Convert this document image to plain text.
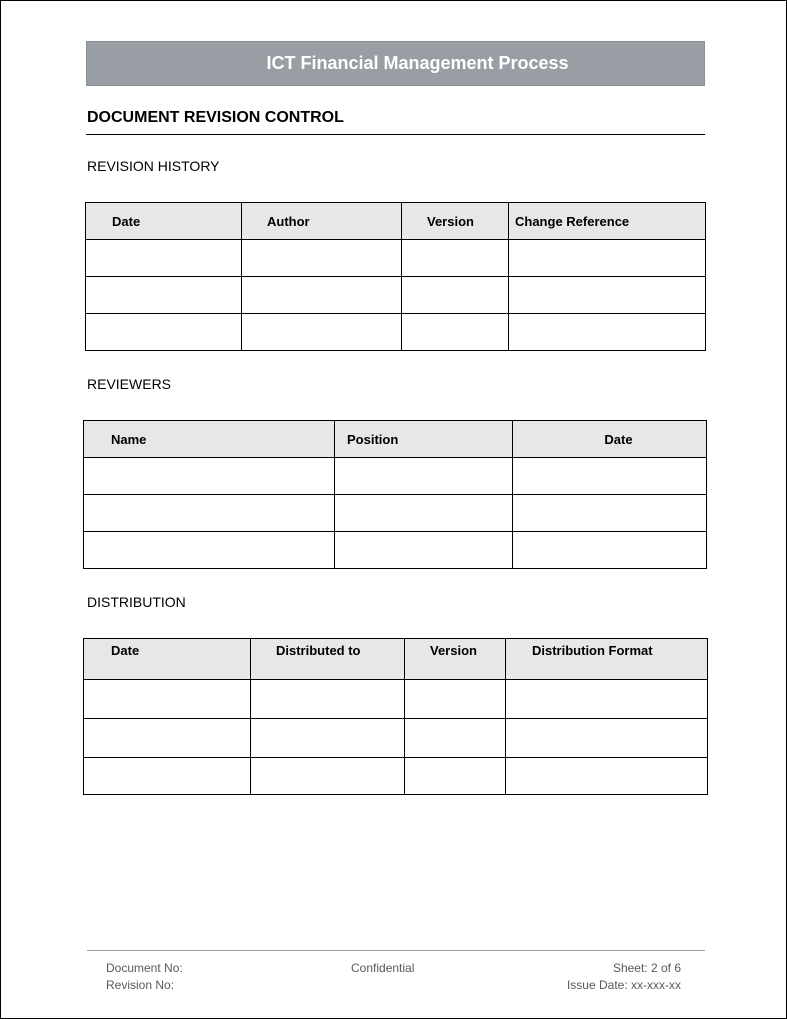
ICT Financial Management Process
DOCUMENT REVISION CONTROL
REVISION HISTORY
Date	Author	Version	Change Reference

REVIEWERS
Name	Position	Date

DISTRIBUTION
Date	Distributed to	Version	Distribution Format

Document No:
Revision No:
Confidential	Sheet: 2 of 6
Issue Date: xx-xxx-xx
